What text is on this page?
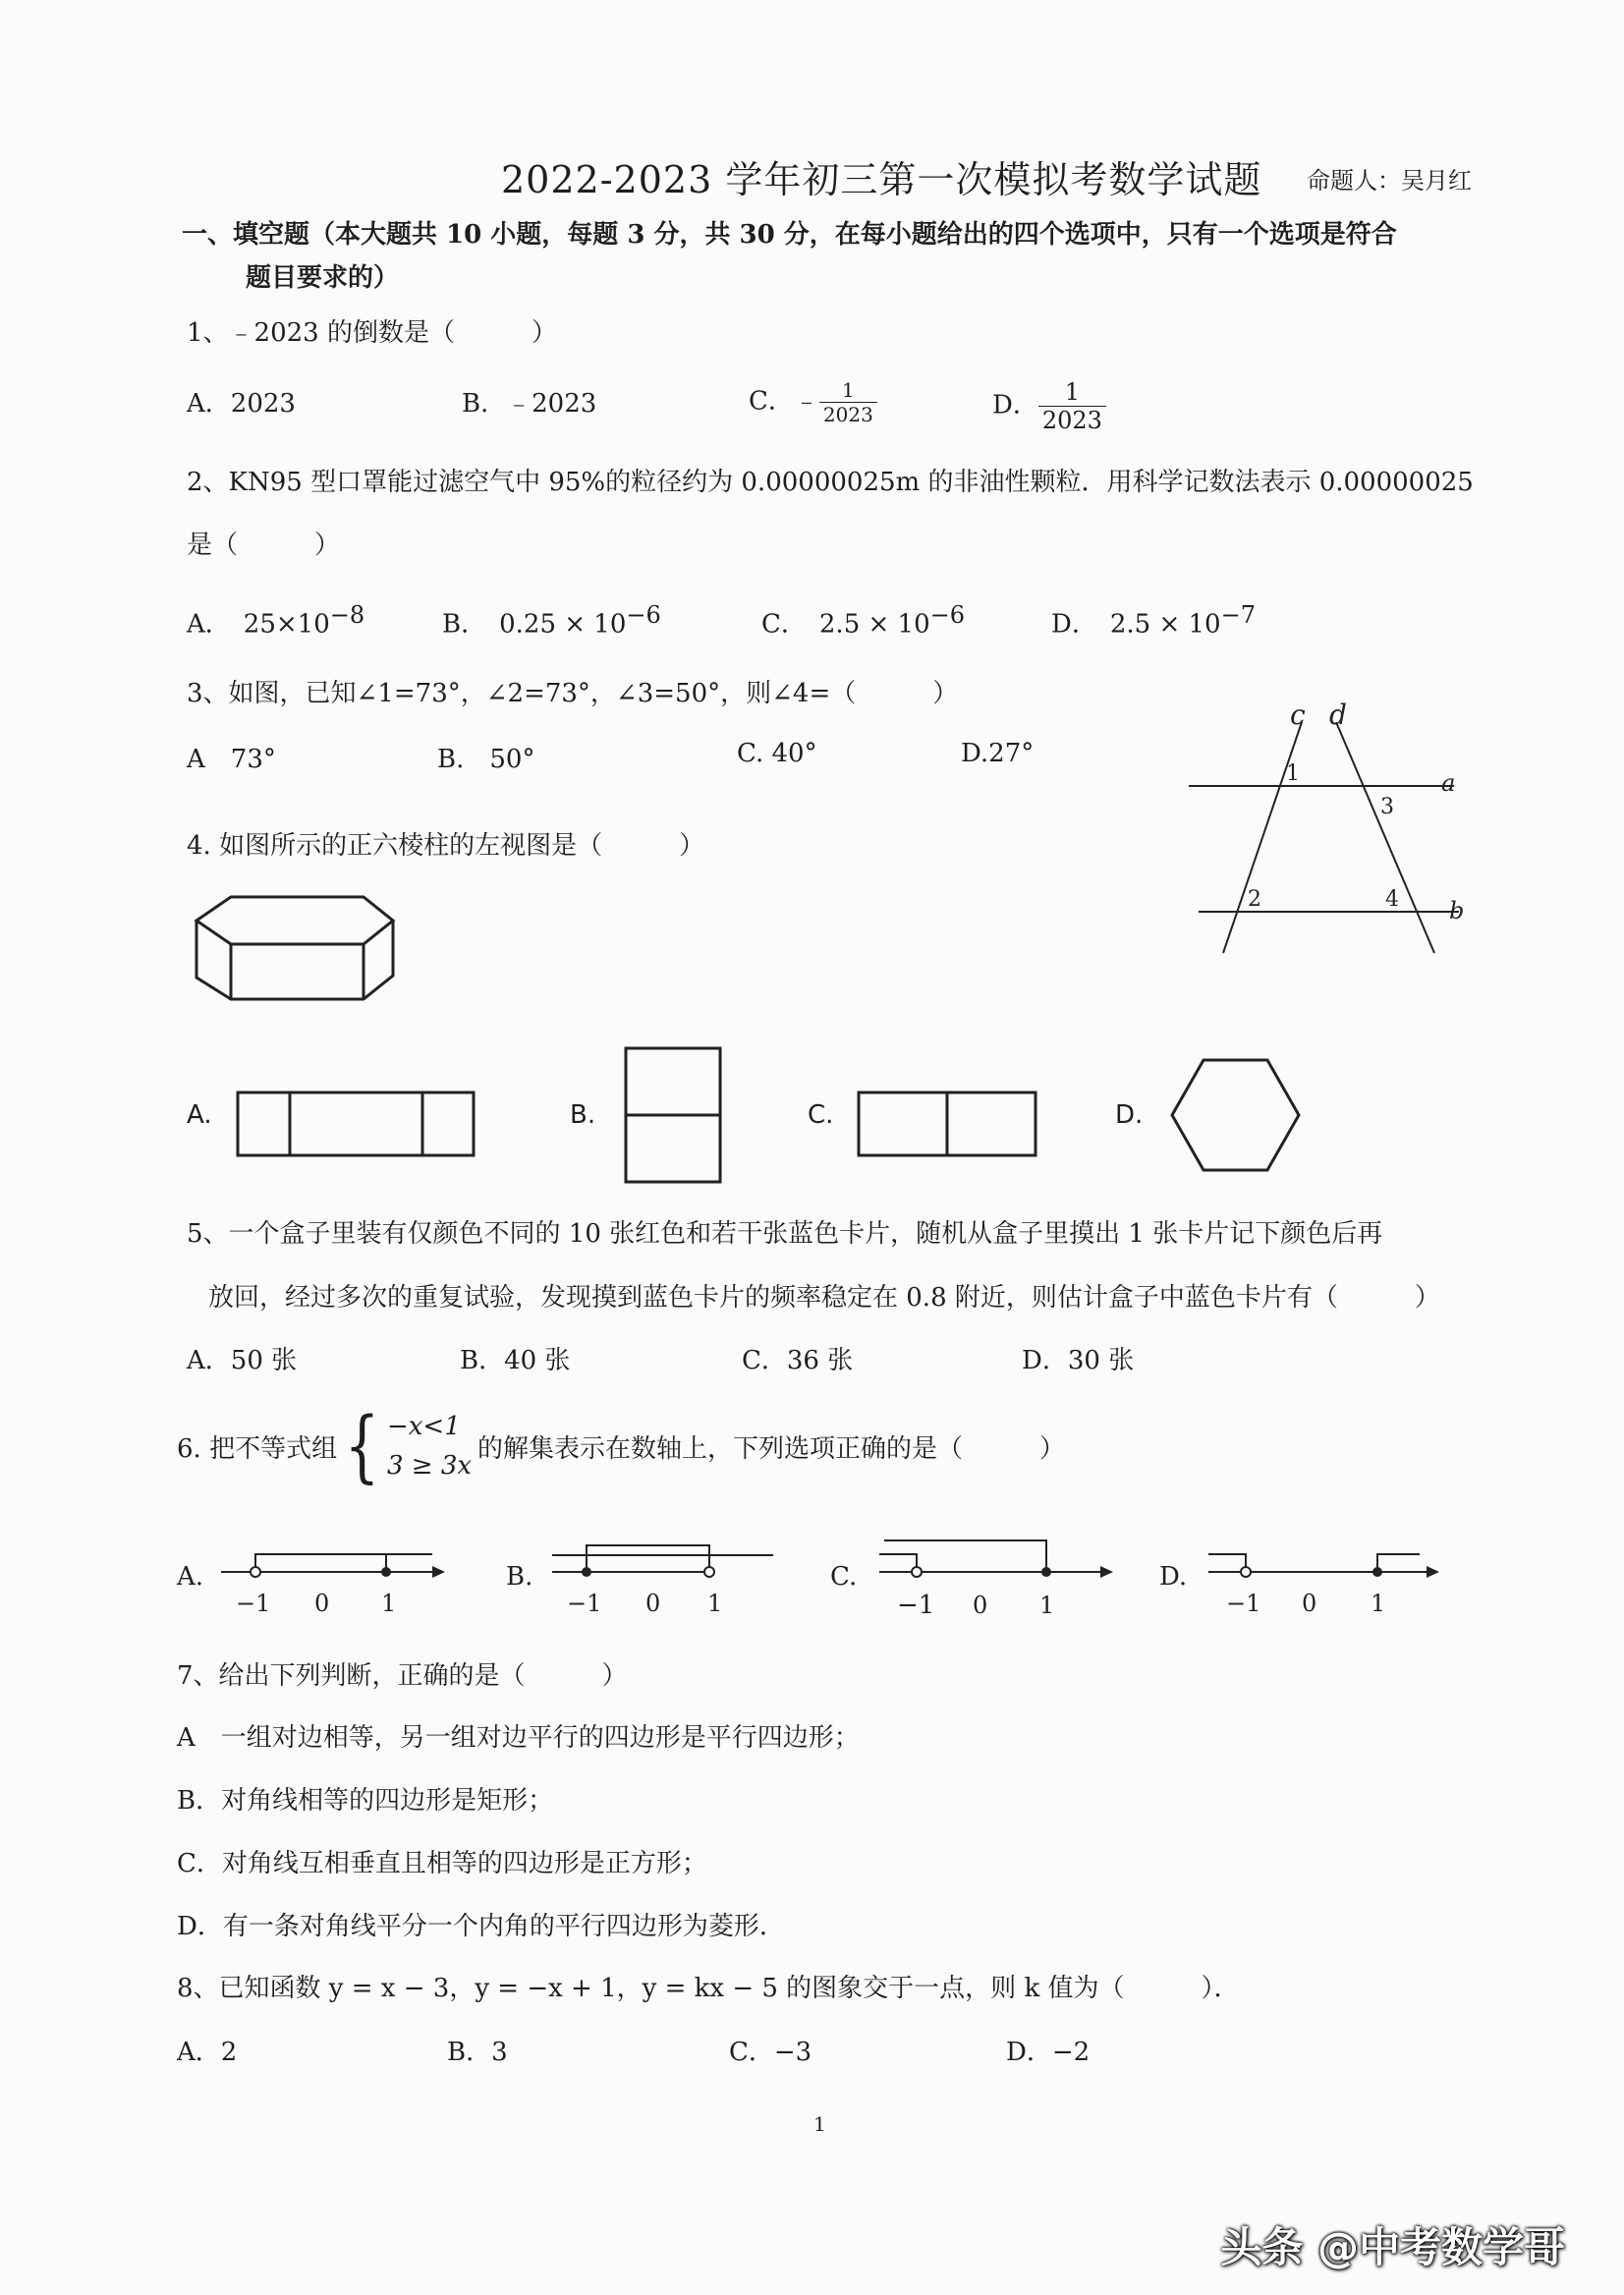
2022-2023 学年初三第一次模拟考数学试题 命题人：吴月红
一、填空题（本大题共 10 小题，每题 3 分，共 30 分，在每小题给出的四个选项中，只有一个选项是符合
题目要求的）
1、﹣2023 的倒数是（　　　）
A．2023	B．﹣2023	C．﹣ $\frac{1}{2023}$	D． $\frac{1}{2023}$
2、KN95 型口罩能过滤空气中 95%的粒径约为 0.00000025m 的非油性颗粒．用科学记数法表示 0.00000025
是（　　　）
A．　$25\times 10^{-8}$	B．　$0.25 \times 10^{-6}$	C．　$2.5 \times 10^{-6}$	D．　$2.5 \times 10^{-7}$
3、如图，已知∠1=73°，∠2=73°，∠3=50°，则∠4=（　　　）
A　73°	B.　50°	C. 40°	D.27°
c d
a
b
1
3
2	4
4. 如图所示的正六棱柱的左视图是（　　　）
A.	B.	C.	D.
5、一个盒子里装有仅颜色不同的 10 张红色和若干张蓝色卡片，随机从盒子里摸出 1 张卡片记下颜色后再
放回，经过多次的重复试验，发现摸到蓝色卡片的频率稳定在 0.8 附近，则估计盒子中蓝色卡片有（　　　）
A．50 张	B．40 张	C．36 张	D．30 张
6. 把不等式组 { −x<1
3 ≥ 3x
的解集表示在数轴上，下列选项正确的是（　　　）
A.
−1 0 1
B.
−1 0 1
C.
−1 0 1
D.
−1 0 1
7、给出下列判断，正确的是（　　　）
A　一组对边相等，另一组对边平行的四边形是平行四边形；
B．对角线相等的四边形是矩形；
C．对角线互相垂直且相等的四边形是正方形；
D．有一条对角线平分一个内角的平行四边形为菱形．
8、已知函数 y = x − 3，y = −x + 1，y = kx − 5 的图象交于一点，则 k 值为（　　　）．
A．2	B．3	C．−3	D．−2
1
头条 @中考数学哥
